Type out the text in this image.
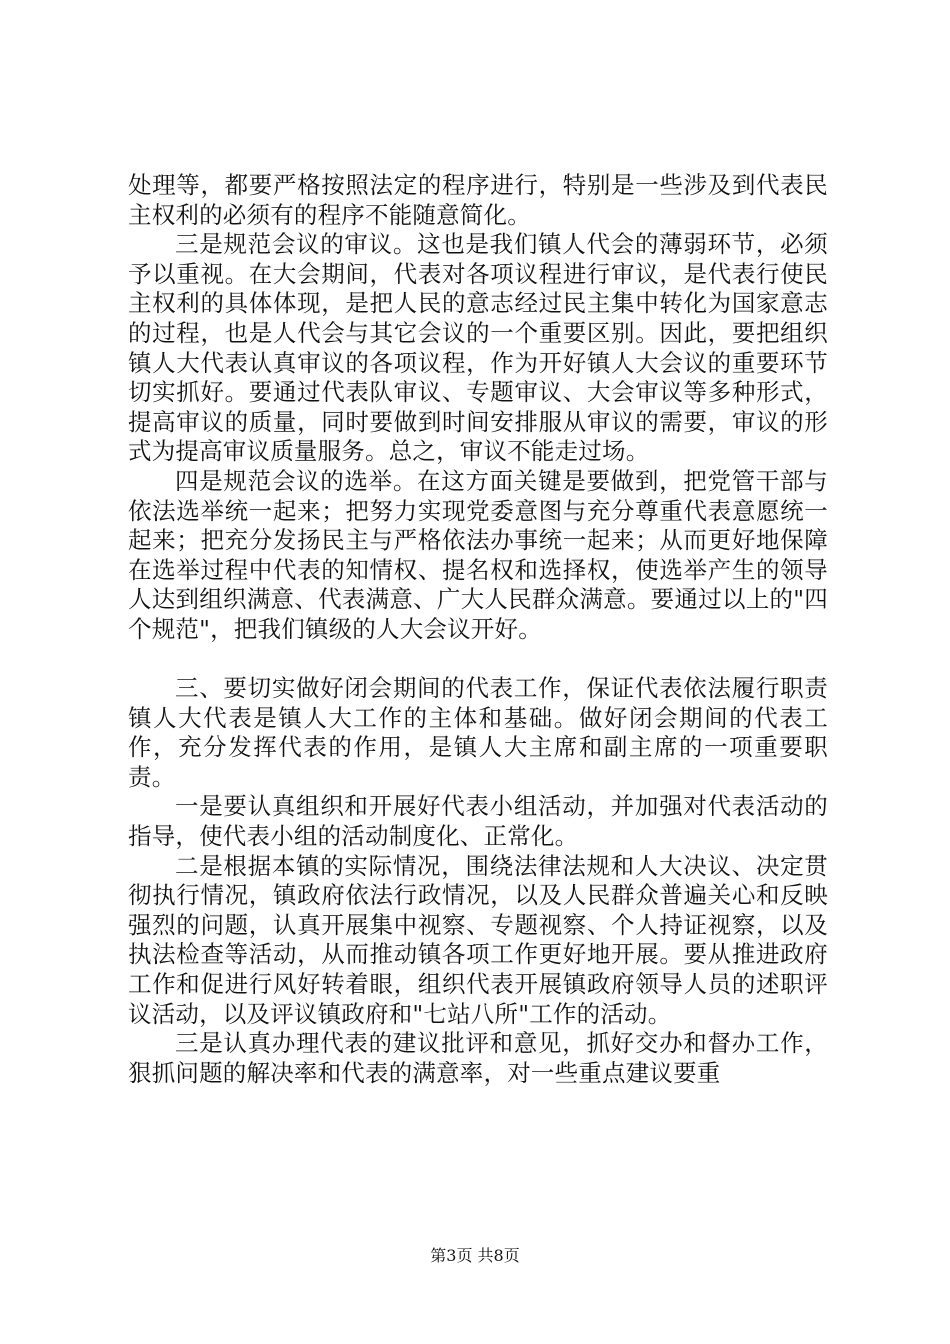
处理等，都要严格按照法定的程序进行，特别是一些涉及到代表民主权利的必须有的程序不能随意简化。

三是规范会议的审议。这也是我们镇人代会的薄弱环节，必须予以重视。在大会期间，代表对各项议程进行审议，是代表行使民主权利的具体体现，是把人民的意志经过民主集中转化为国家意志的过程，也是人代会与其它会议的一个重要区别。因此，要把组织镇人大代表认真审议的各项议程，作为开好镇人大会议的重要环节切实抓好。要通过代表队审议、专题审议、大会审议等多种形式，提高审议的质量，同时要做到时间安排服从审议的需要，审议的形式为提高审议质量服务。总之，审议不能走过场。

四是规范会议的选举。在这方面关键是要做到，把党管干部与依法选举统一起来；把努力实现党委意图与充分尊重代表意愿统一起来；把充分发扬民主与严格依法办事统一起来；从而更好地保障在选举过程中代表的知情权、提名权和选择权，使选举产生的领导人达到组织满意、代表满意、广大人民群众满意。要通过以上的"四个规范"，把我们镇级的人大会议开好。

三、要切实做好闭会期间的代表工作，保证代表依法履行职责镇人大代表是镇人大工作的主体和基础。做好闭会期间的代表工作，充分发挥代表的作用，是镇人大主席和副主席的一项重要职责。

一是要认真组织和开展好代表小组活动，并加强对代表活动的指导，使代表小组的活动制度化、正常化。

二是根据本镇的实际情况，围绕法律法规和人大决议、决定贯彻执行情况，镇政府依法行政情况，以及人民群众普遍关心和反映强烈的问题，认真开展集中视察、专题视察、个人持证视察，以及执法检查等活动，从而推动镇各项工作更好地开展。要从推进政府工作和促进行风好转着眼，组织代表开展镇政府领导人员的述职评议活动，以及评议镇政府和"七站八所"工作的活动。

三是认真办理代表的建议批评和意见，抓好交办和督办工作，狠抓问题的解决率和代表的满意率，对一些重点建议要重

第3页 共8页
